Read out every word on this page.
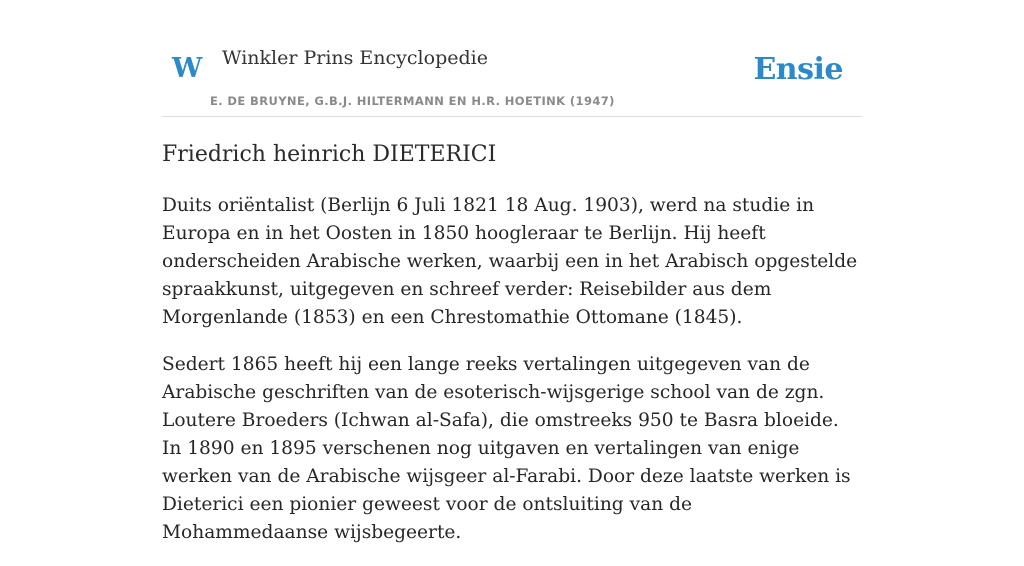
W Winkler Prins Encyclopedie
E. DE BRUYNE, G.B.J. HILTERMANN EN H.R. HOETINK (1947)
Ensie
Friedrich heinrich DIETERICI

Duits oriëntalist (Berlijn 6 Juli 1821 18 Aug. 1903), werd na studie in Europa en in het Oosten in 1850 hoogleraar te Berlijn. Hij heeft onderscheiden Arabische werken, waarbij een in het Arabisch opgestelde spraakkunst, uitgegeven en schreef verder: Reisebilder aus dem Morgenlande (1853) en een Chrestomathie Ottomane (1845).

Sedert 1865 heeft hij een lange reeks vertalingen uitgegeven van de Arabische geschriften van de esoterisch-wijsgerige school van de zgn. Loutere Broeders (Ichwan al-Safa), die omstreeks 950 te Basra bloeide. In 1890 en 1895 verschenen nog uitgaven en vertalingen van enige werken van de Arabische wijsgeer al-Farabi. Door deze laatste werken is Dieterici een pionier geweest voor de ontsluiting van de Mohammedaanse wijsbegeerte.
